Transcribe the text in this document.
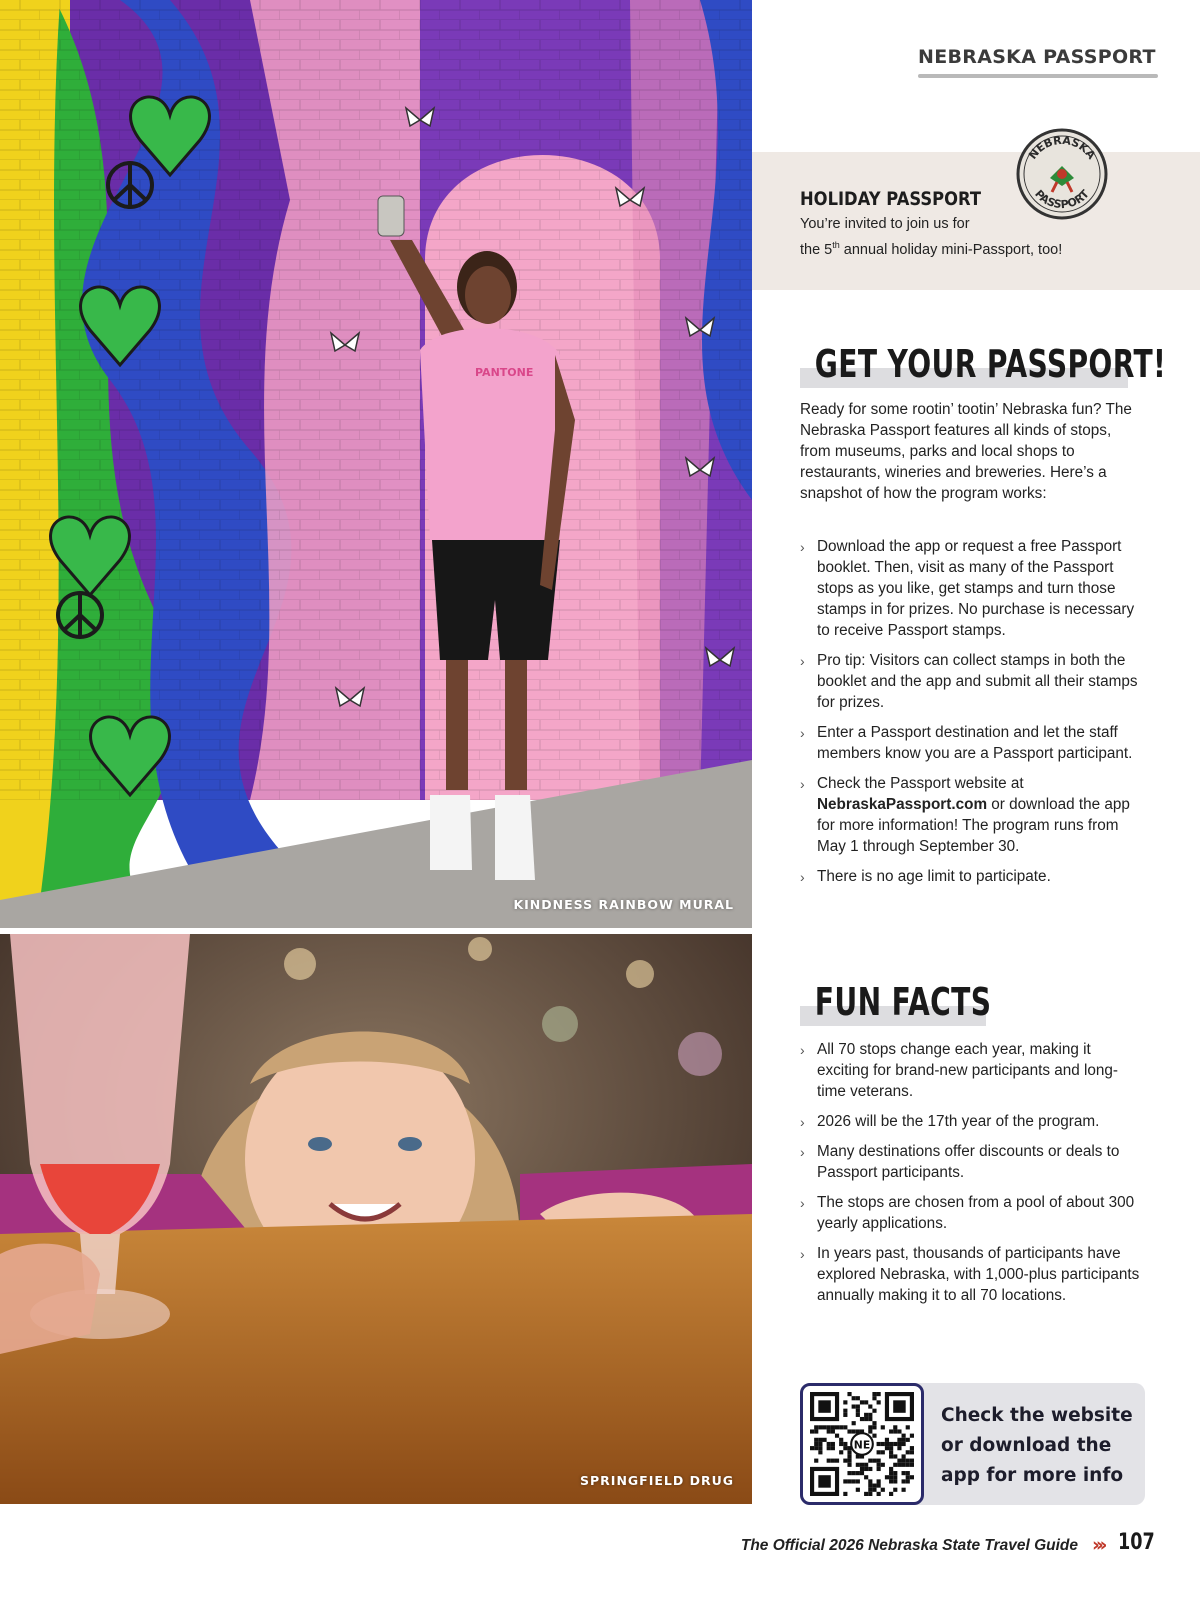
PANTONE
KINDNESS RAINBOW MURAL
SPRINGFIELD DRUG
NEBRASKA PASSPORT
HOLIDAY PASSPORT
You’re invited to join us for
the 5th annual holiday mini-Passport, too!
NEBRASKA
PASSPORT
GET YOUR PASSPORT!
Ready for some rootin’ tootin’ Nebraska fun? The Nebraska Passport features all kinds of stops, from museums, parks and local shops to restaurants, wineries and breweries. Here’s a snapshot of how the program works:
› Download the app or request a free Passport booklet. Then, visit as many of the Passport stops as you like, get stamps and turn those stamps in for prizes. No purchase is necessary to receive Passport stamps.
› Pro tip: Visitors can collect stamps in both the booklet and the app and submit all their stamps for prizes.
› Enter a Passport destination and let the staff members know you are a Passport participant.
› Check the Passport website at NebraskaPassport.com or download the app for more information! The program runs from May 1 through September 30.
› There is no age limit to participate.
FUN FACTS
› All 70 stops change each year, making it exciting for brand-new participants and long-time veterans.
› 2026 will be the 17th year of the program.
› Many destinations offer discounts or deals to Passport participants.
› The stops are chosen from a pool of about 300 yearly applications.
› In years past, thousands of participants have explored Nebraska, with 1,000-plus participants annually making it to all 70 locations.
NE
Check the website or download the app for more info
The Official 2026 Nebraska State Travel Guide ››› 107
